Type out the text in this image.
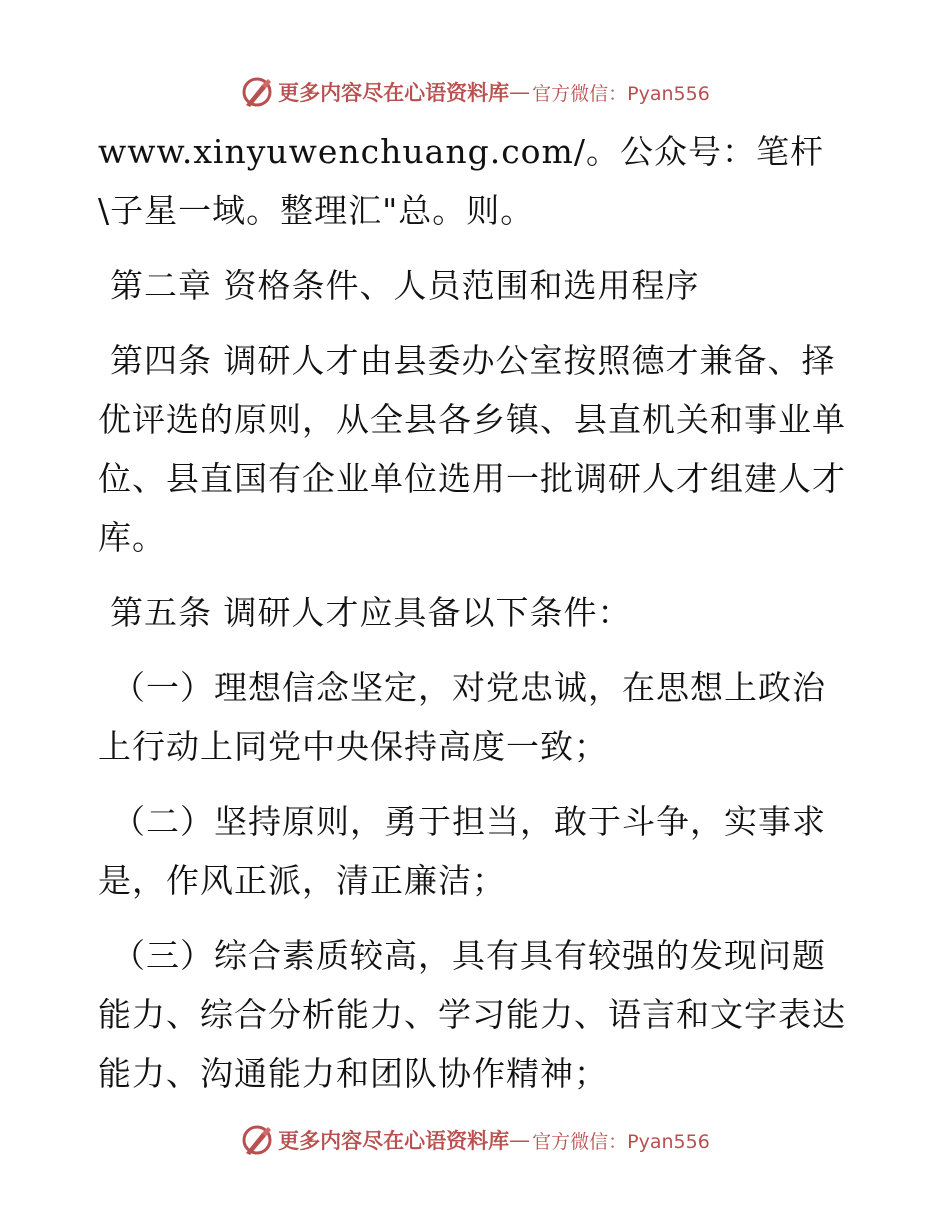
更多内容尽在心语资料库 — 官方微信：Pyan556

www.xinyuwenchuang.com/。公众号：笔杆\子星一域。整理汇"总。则。

第二章 资格条件、人员范围和选用程序

第四条 调研人才由县委办公室按照德才兼备、择优评选的原则，从全县各乡镇、县直机关和事业单位、县直国有企业单位选用一批调研人才组建人才库。

第五条 调研人才应具备以下条件：

（一）理想信念坚定，对党忠诚，在思想上政治上行动上同党中央保持高度一致；

（二）坚持原则，勇于担当，敢于斗争，实事求是，作风正派，清正廉洁；

（三）综合素质较高，具有具有较强的发现问题能力、综合分析能力、学习能力、语言和文字表达能力、沟通能力和团队协作精神；

更多内容尽在心语资料库 — 官方微信：Pyan556
